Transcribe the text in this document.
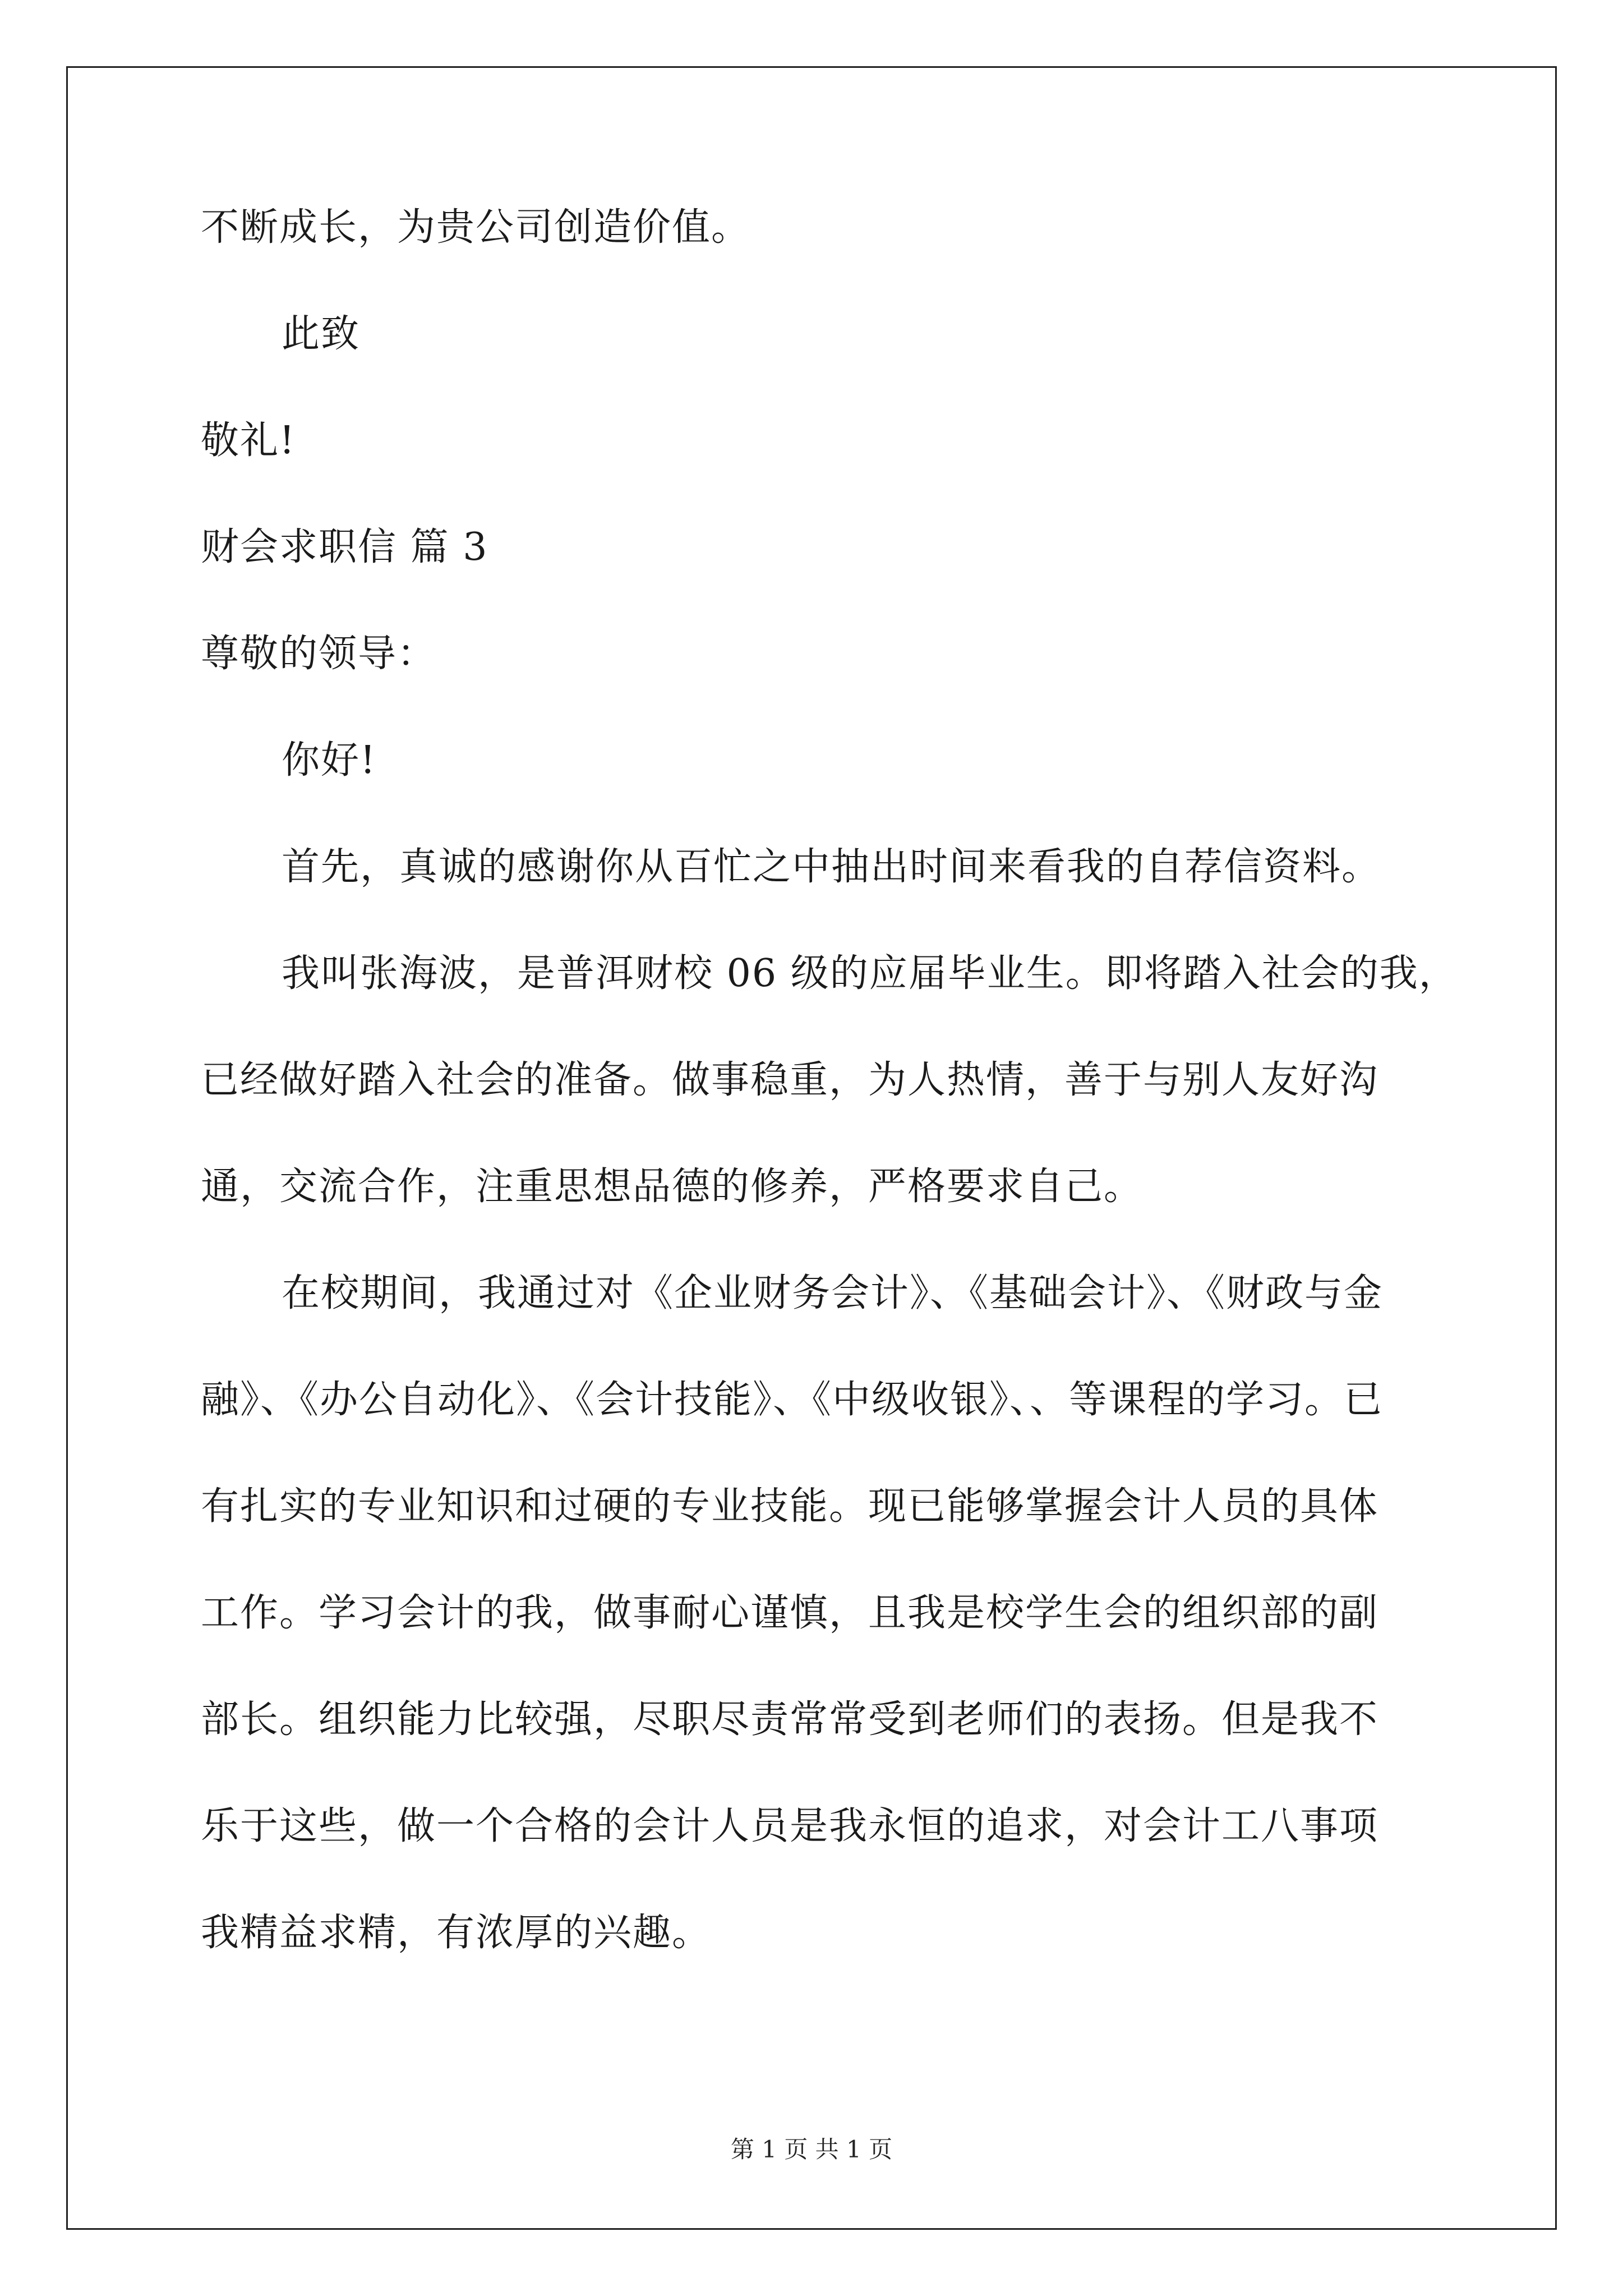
不断成长，为贵公司创造价值。
此致
敬礼!
财会求职信 篇 3
尊敬的领导：
你好!
首先，真诚的感谢你从百忙之中抽出时间来看我的自荐信资料。
我叫张海波，是普洱财校 06 级的应届毕业生。即将踏入社会的我，
已经做好踏入社会的准备。做事稳重，为人热情，善于与别人友好沟
通，交流合作，注重思想品德的修养，严格要求自己。
在校期间，我通过对《企业财务会计》、《基础会计》、《财政与金
融》、《办公自动化》、《会计技能》、《中级收银》、、等课程的学习。已
有扎实的专业知识和过硬的专业技能。现已能够掌握会计人员的具体
工作。学习会计的我，做事耐心谨慎，且我是校学生会的组织部的副
部长。组织能力比较强，尽职尽责常常受到老师们的表扬。但是我不
乐于这些，做一个合格的会计人员是我永恒的追求，对会计工八事项
我精益求精，有浓厚的兴趣。
第 1 页 共 1 页
